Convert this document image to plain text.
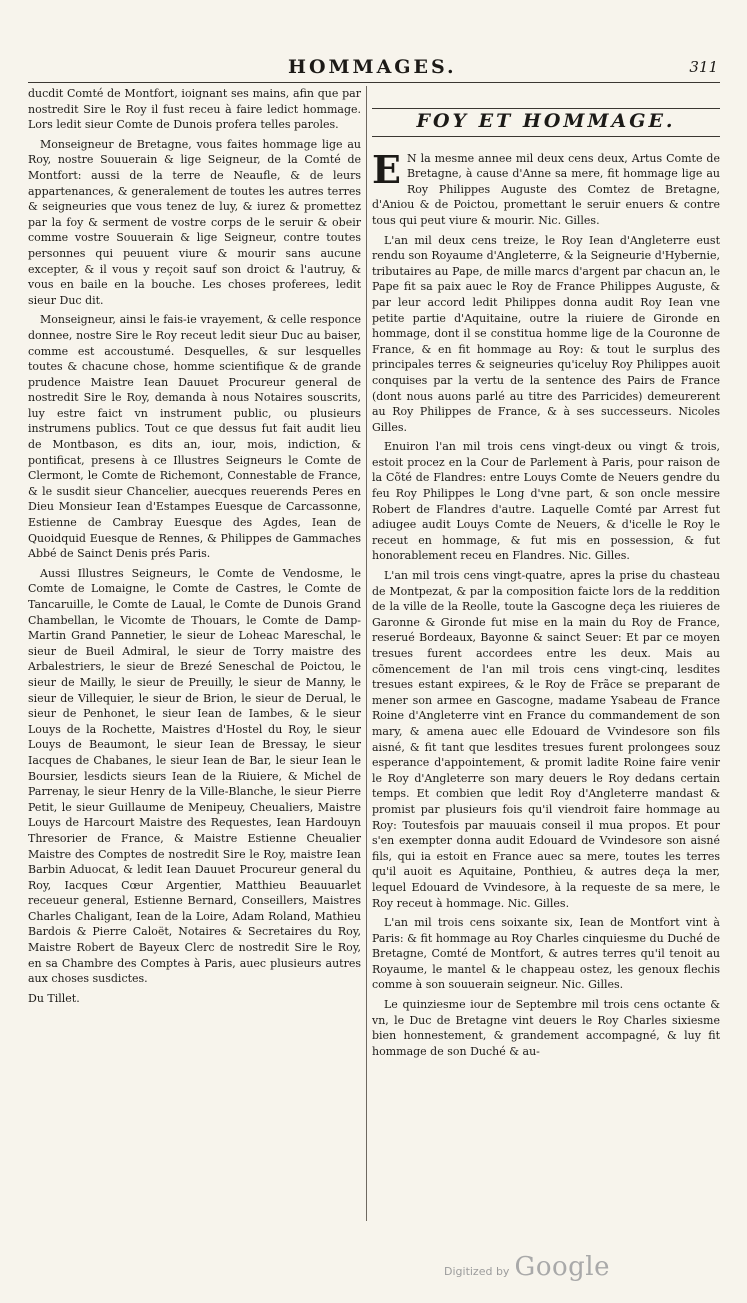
HOMMAGES.	311

ducdit Comté de Montfort, ioignant ses mains, afin que par nostredit Sire le Roy il fust receu à faire ledict hommage. Lors ledit sieur Comte de Dunois profera telles paroles.

Monseigneur de Bretagne, vous faites hommage lige au Roy, nostre Souuerain & lige Seigneur, de la Comté de Montfort: aussi de la terre de Neaufle, & de leurs appartenances, & generalement de toutes les autres terres & seigneuries que vous tenez de luy, & iurez & promettez par la foy & serment de vostre corps de le seruir & obeir comme vostre Souuerain & lige Seigneur, contre toutes personnes qui peuuent viure & mourir sans aucune excepter, & il vous y reçoit sauf son droict & l'autruy, & vous en baile en la bouche. Les choses proferees, ledit sieur Duc dit.

Monseigneur, ainsi le fais-ie vrayement, & celle responce donnee, nostre Sire le Roy receut ledit sieur Duc au baiser, comme est accoustumé. Desquelles, & sur lesquelles toutes & chacune chose, homme scientifique & de grande prudence Maistre Iean Dauuet Procureur general de nostredit Sire le Roy, demanda à nous Notaires souscrits, luy estre faict vn instrument public, ou plusieurs instrumens publics. Tout ce que dessus fut fait audit lieu de Montbason, es dits an, iour, mois, indiction, & pontificat, presens à ce Illustres Seigneurs le Comte de Clermont, le Comte de Richemont, Connestable de France, & le susdit sieur Chancelier, auecques reuerends Peres en Dieu Monsieur Iean d'Estampes Euesque de Carcassonne, Estienne de Cambray Euesque des Agdes, Iean de Quoidquid Euesque de Rennes, & Philippes de Gammaches Abbé de Sainct Denis prés Paris.

Aussi Illustres Seigneurs, le Comte de Vendosme, le Comte de Lomaigne, le Comte de Castres, le Comte de Tancaruille, le Comte de Laual, le Comte de Dunois Grand Chambellan, le Vicomte de Thouars, le Comte de Damp-Martin Grand Pannetier, le sieur de Loheac Mareschal, le sieur de Bueil Admiral, le sieur de Torry maistre des Arbalestriers, le sieur de Brezé Seneschal de Poictou, le sieur de Mailly, le sieur de Preuilly, le sieur de Manny, le sieur de Villequier, le sieur de Brion, le sieur de Derual, le sieur de Penhonet, le sieur Iean de Iambes, & le sieur Louys de la Rochette, Maistres d'Hostel du Roy, le sieur Louys de Beaumont, le sieur Iean de Bressay, le sieur Iacques de Chabanes, le sieur Iean de Bar, le sieur Iean le Boursier, lesdicts sieurs Iean de la Riuiere, & Michel de Parrenay, le sieur Henry de la Ville-Blanche, le sieur Pierre Petit, le sieur Guillaume de Menipeuy, Cheualiers, Maistre Louys de Harcourt Maistre des Requestes, Iean Hardouyn Thresorier de France, & Maistre Estienne Cheualier Maistre des Comptes de nostredit Sire le Roy, maistre Iean Barbin Aduocat, & ledit Iean Dauuet Procureur general du Roy, Iacques Cœur Argentier, Matthieu Beauuarlet receueur general, Estienne Bernard, Conseillers, Maistres Charles Chaligant, Iean de la Loire, Adam Roland, Mathieu Bardois & Pierre Caloët, Notaires & Secretaires du Roy, Maistre Robert de Bayeux Clerc de nostredit Sire le Roy, en sa Chambre des Comptes à Paris, auec plusieurs autres aux choses susdictes.

Du Tillet.

FOY ET HOMMAGE.

E N la mesme annee mil deux cens deux, Artus Comte de Bretagne, à cause d'Anne sa mere, fit hommage lige au Roy Philippes Auguste des Comtez de Bretagne, d'Aniou & de Poictou, promettant le seruir enuers & contre tous qui peut viure & mourir. Nic. Gilles.

L'an mil deux cens treize, le Roy Iean d'Angleterre eust rendu son Royaume d'Angleterre, & la Seigneurie d'Hybernie, tributaires au Pape, de mille marcs d'argent par chacun an, le Pape fit sa paix auec le Roy de France Philippes Auguste, & par leur accord ledit Philippes donna audit Roy Iean vne petite partie d'Aquitaine, outre la riuiere de Gironde en hommage, dont il se constitua homme lige de la Couronne de France, & en fit hommage au Roy: & tout le surplus des principales terres & seigneuries qu'iceluy Roy Philippes auoit conquises par la vertu de la sentence des Pairs de France (dont nous auons parlé au titre des Parricides) demeurerent au Roy Philippes de France, & à ses successeurs. Nicoles Gilles.

Enuiron l'an mil trois cens vingt-deux ou vingt & trois, estoit procez en la Cour de Parlement à Paris, pour raison de la Cõté de Flandres: entre Louys Comte de Neuers gendre du feu Roy Philippes le Long d'vne part, & son oncle messire Robert de Flandres d'autre. Laquelle Comté par Arrest fut adiugee audit Louys Comte de Neuers, & d'icelle le Roy le receut en hommage, & fut mis en possession, & fut honorablement receu en Flandres. Nic. Gilles.

L'an mil trois cens vingt-quatre, apres la prise du chasteau de Montpezat, & par la composition faicte lors de la reddition de la ville de la Reolle, toute la Gascogne deça les riuieres de Garonne & Gironde fut mise en la main du Roy de France, reserué Bordeaux, Bayonne & sainct Seuer: Et par ce moyen tresues furent accordees entre les deux. Mais au cõmencement de l'an mil trois cens vingt-cinq, lesdites tresues estant expirees, & le Roy de Frãce se preparant de mener son armee en Gascogne, madame Ysabeau de France Roine d'Angleterre vint en France du commandement de son mary, & amena auec elle Edouard de Vvindesore son fils aisné, & fit tant que lesdites tresues furent prolongees souz esperance d'appointement, & promit ladite Roine faire venir le Roy d'Angleterre son mary deuers le Roy dedans certain temps. Et combien que ledit Roy d'Angleterre mandast & promist par plusieurs fois qu'il viendroit faire hommage au Roy: Toutesfois par mauuais conseil il mua propos. Et pour s'en exempter donna audit Edouard de Vvindesore son aisné fils, qui ia estoit en France auec sa mere, toutes les terres qu'il auoit es Aquitaine, Ponthieu, & autres deça la mer, lequel Edouard de Vvindesore, à la requeste de sa mere, le Roy receut à hommage. Nic. Gilles.

L'an mil trois cens soixante six, Iean de Montfort vint à Paris: & fit hommage au Roy Charles cinquiesme du Duché de Bretagne, Comté de Montfort, & autres terres qu'il tenoit au Royaume, le mantel & le chappeau ostez, les genoux flechis comme à son souuerain seigneur. Nic. Gilles.

Le quinziesme iour de Septembre mil trois cens octante & vn, le Duc de Bretagne vint deuers le Roy Charles sixiesme bien honnestement, & grandement accompagné, & luy fit hommage de son Duché & au-

Digitized by Google
